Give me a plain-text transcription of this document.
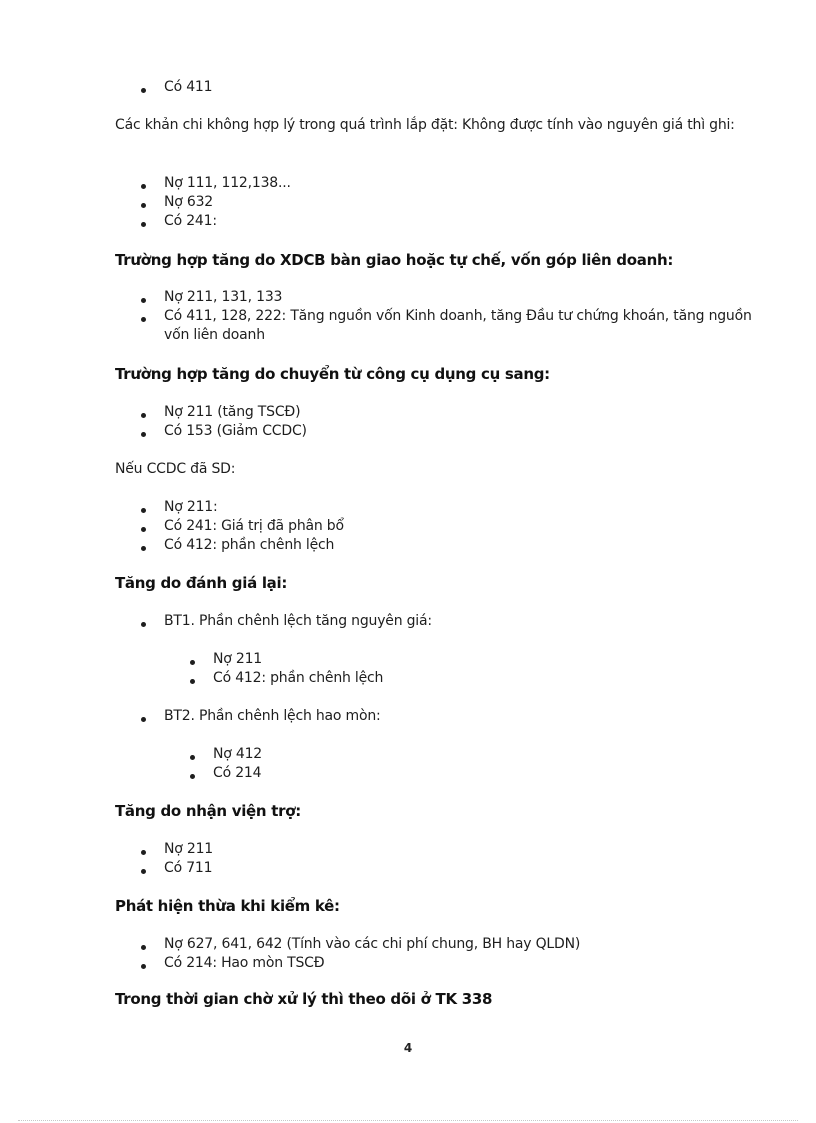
Có 411
Các khản chi không hợp lý trong quá trình lắp đặt: Không được tính vào nguyên giá thì ghi:
Nợ 111, 112,138...
Nợ 632
Có 241:
Trường hợp tăng do XDCB bàn giao hoặc tự chế, vốn góp liên doanh:
Nợ 211, 131, 133
Có 411, 128, 222: Tăng nguồn vốn Kinh doanh, tăng Đầu tư chứng khoán, tăng nguồn vốn liên doanh
Trường hợp tăng do chuyển từ công cụ dụng cụ sang:
Nợ 211 (tăng TSCĐ)
Có 153 (Giảm CCDC)
Nếu CCDC đã SD:
Nợ 211:
Có 241: Giá trị đã phân bổ
Có 412: phần chênh lệch
Tăng do đánh giá lại:
BT1. Phần chênh lệch tăng nguyên giá:
Nợ 211
Có 412: phần chênh lệch
BT2. Phần chênh lệch hao mòn:
Nợ 412
Có 214
Tăng do nhận viện trợ:
Nợ 211
Có 711
Phát hiện thừa khi kiểm kê:
Nợ 627, 641, 642 (Tính vào các chi phí chung, BH hay QLDN)
Có 214: Hao mòn TSCĐ
Trong thời gian chờ xử lý thì theo dõi ở TK 338
4
